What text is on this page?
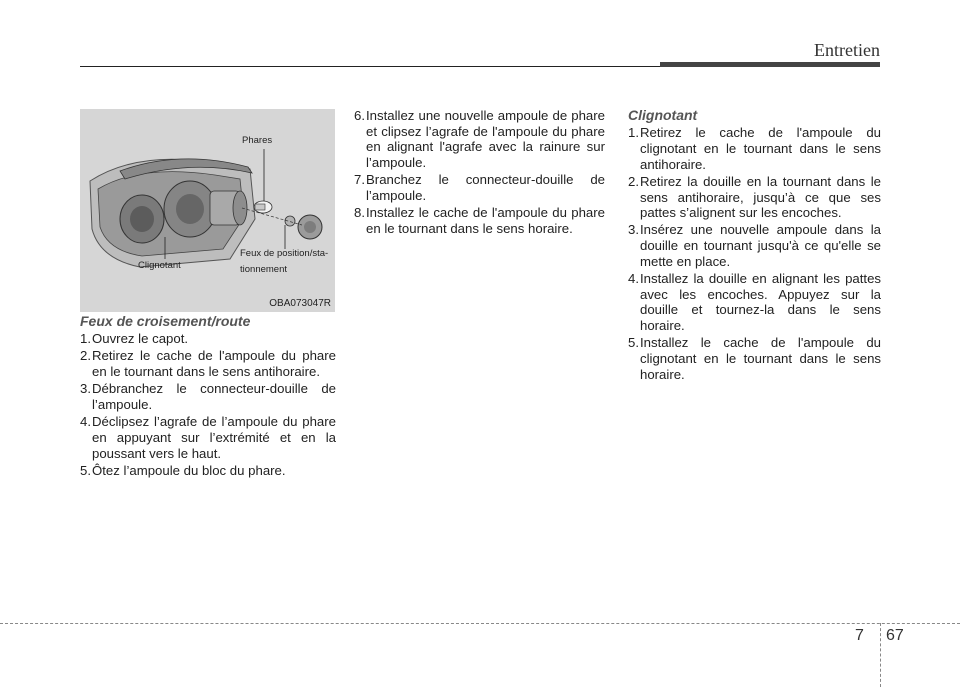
Entretien
Phares
Clignotant
Feux de position/sta-
tionnement
OBA073047R

Feux de croisement/route

1. Ouvrez le capot.
2. Retirez le cache de l'ampoule du phare en le tournant dans le sens antihoraire.
3. Débranchez le connecteur-douille de l’ampoule.
4. Déclipsez l’agrafe de l’ampoule du phare en appuyant sur l’extrémité et en la poussant vers le haut.
5. Ôtez l’ampoule du bloc du phare.
6. Installez une nouvelle ampoule de phare et clipsez l’agrafe de l'ampoule du phare en alignant l'agrafe avec la rainure sur l’ampoule.
7. Branchez le connecteur-douille de l’ampoule.
8. Installez le cache de l'ampoule du phare en le tournant dans le sens horaire.

Clignotant

1. Retirez le cache de l'ampoule du clignotant en le tournant dans le sens antihoraire.
2. Retirez la douille en la tournant dans le sens antihoraire, jusqu’à ce que ses pattes s’alignent sur les encoches.
3. Insérez une nouvelle ampoule dans la douille en tournant jusqu'à ce qu'elle se mette en place.
4. Installez la douille en alignant les pattes avec les encoches. Appuyez sur la douille et tournez-la dans le sens horaire.
5. Installez le cache de l'ampoule du clignotant en le tournant dans le sens horaire.
7 67
